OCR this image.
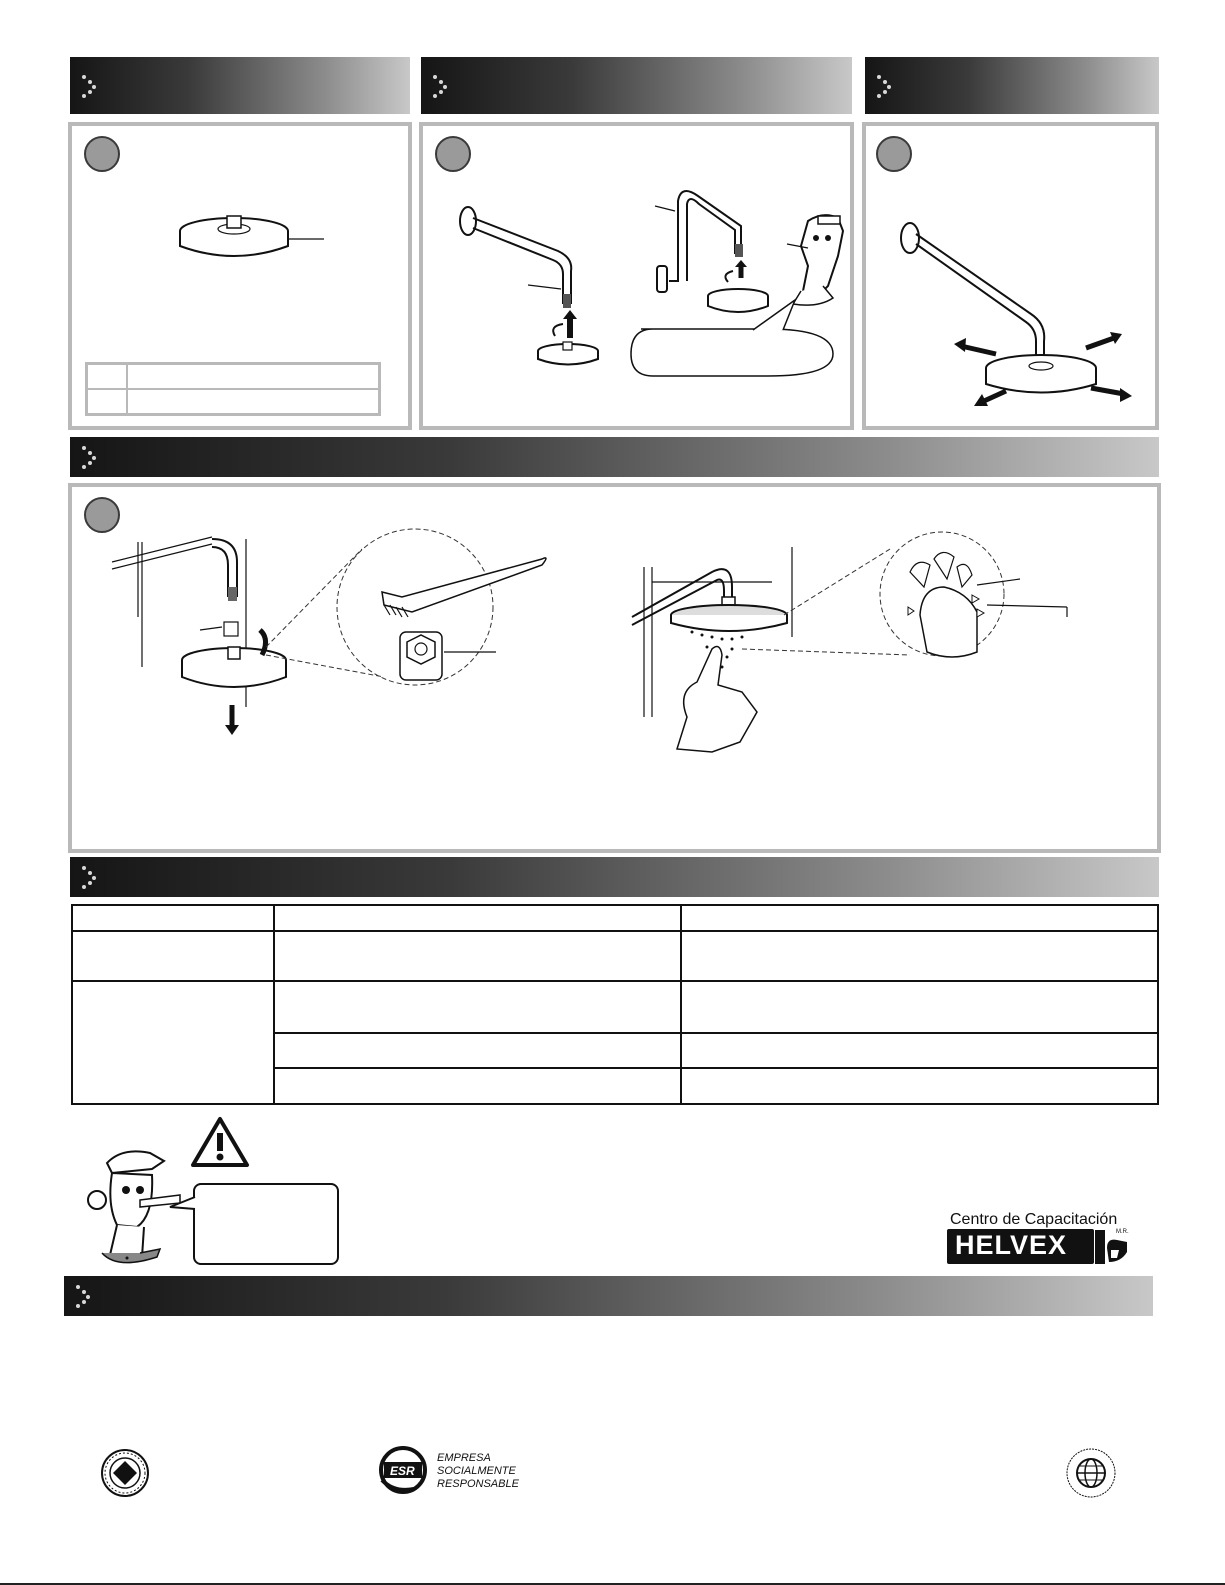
Centro de Capacitación
HELVEX	M.R.
ESR
EMPRESA
SOCIALMENTE
RESPONSABLE
